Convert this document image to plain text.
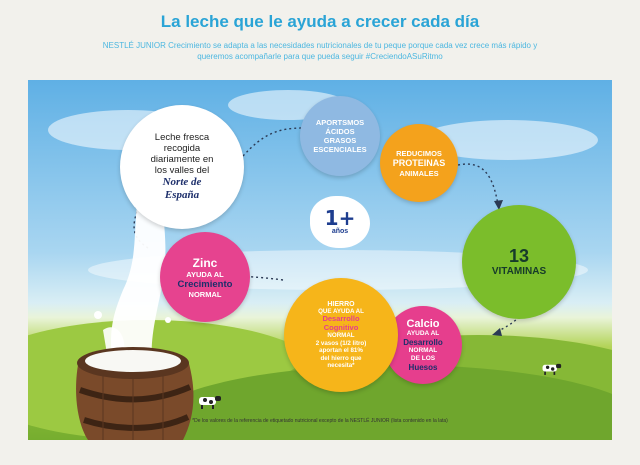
La leche que le ayuda a crecer cada día
NESTLÉ JUNIOR Crecimiento se adapta a las necesidades nutricionales de tu peque porque cada vez crece más rápido y queremos acompañarle para que pueda seguir #CreciendoASuRitmo
Leche fresca
recogida
diariamente en
los valles del
Norte de
España
APORTSMOS
ÁCIDOS
GRASOS
ESCENCIALES	REDUCIMOS
PROTEINAS
ANIMALES
1+
años
13
VITAMINAS
Calcio
AYUDA AL
Desarrollo
NORMAL
DE LOS
Huesos
HIERRO
QUE AYUDA AL
Desarrollo
Cognitivo
NORMAL
2 vasos (1/2 litro)
aportan el 81%
del hierro que
necesita*
Zinc
AYUDA AL
Crecimiento
NORMAL
*De los valores de la referencia de etiquetado nutricional excepto de la NESTLÉ JUNIOR (lista contenido en la lata)
